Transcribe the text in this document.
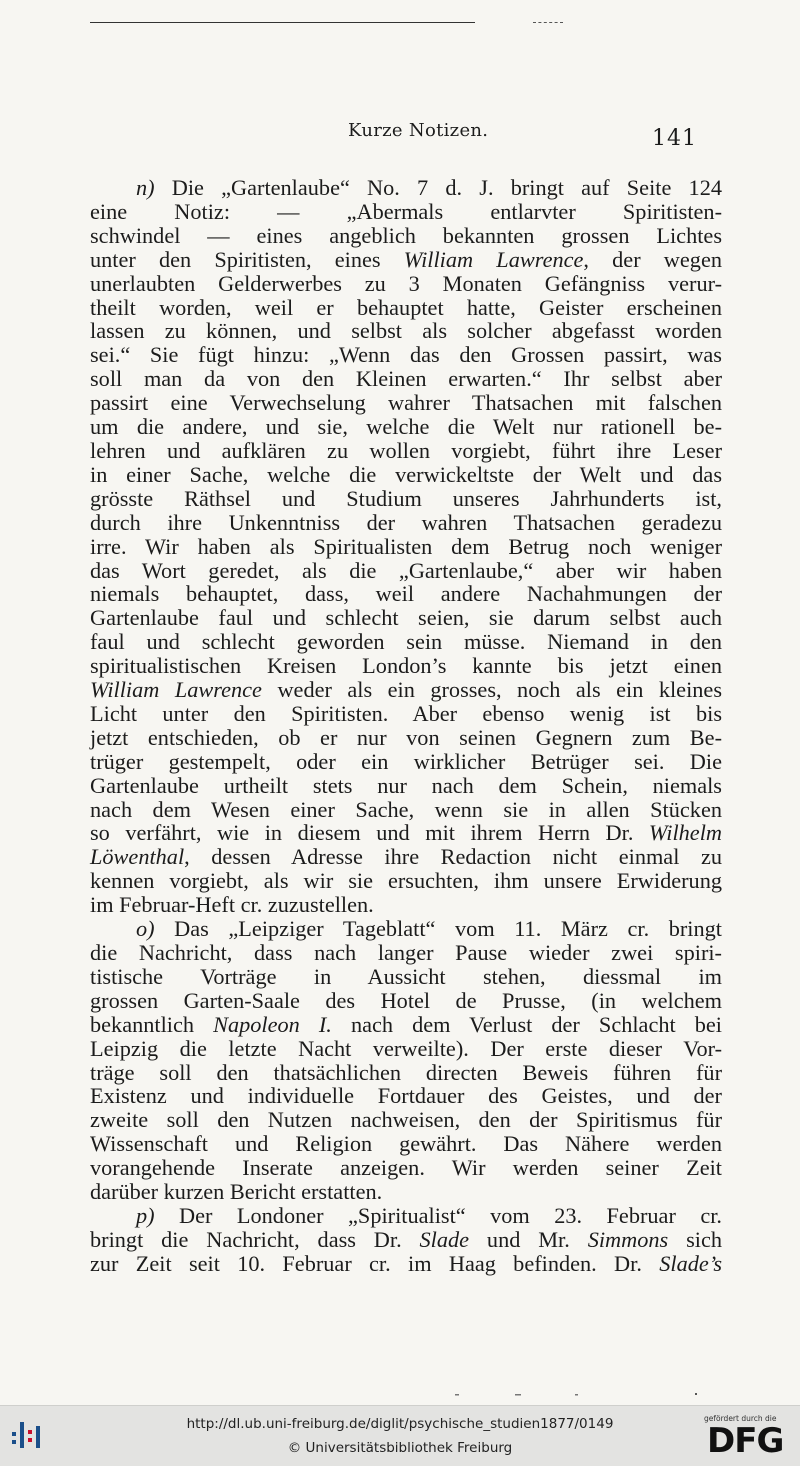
Kurze Notizen.	141
n) Die „Gartenlaube“ No. 7 d. J. bringt auf Seite 124
eine Notiz: — „Abermals entlarvter Spiritisten-
schwindel — eines angeblich bekannten grossen Lichtes
unter den Spiritisten, eines William Lawrence, der wegen
unerlaubten Gelderwerbes zu 3 Monaten Gefängniss verur-
theilt worden, weil er behauptet hatte, Geister erscheinen
lassen zu können, und selbst als solcher abgefasst worden
sei.“ Sie fügt hinzu: „Wenn das den Grossen passirt, was
soll man da von den Kleinen erwarten.“ Ihr selbst aber
passirt eine Verwechselung wahrer Thatsachen mit falschen
um die andere, und sie, welche die Welt nur rationell be-
lehren und aufklären zu wollen vorgiebt, führt ihre Leser
in einer Sache, welche die verwickeltste der Welt und das
grösste Räthsel und Studium unseres Jahrhunderts ist,
durch ihre Unkenntniss der wahren Thatsachen geradezu
irre. Wir haben als Spiritualisten dem Betrug noch weniger
das Wort geredet, als die „Gartenlaube,“ aber wir haben
niemals behauptet, dass, weil andere Nachahmungen der
Gartenlaube faul und schlecht seien, sie darum selbst auch
faul und schlecht geworden sein müsse. Niemand in den
spiritualistischen Kreisen London’s kannte bis jetzt einen
William Lawrence weder als ein grosses, noch als ein kleines
Licht unter den Spiritisten. Aber ebenso wenig ist bis
jetzt entschieden, ob er nur von seinen Gegnern zum Be-
trüger gestempelt, oder ein wirklicher Betrüger sei. Die
Gartenlaube urtheilt stets nur nach dem Schein, niemals
nach dem Wesen einer Sache, wenn sie in allen Stücken
so verfährt, wie in diesem und mit ihrem Herrn Dr. Wilhelm
Löwenthal, dessen Adresse ihre Redaction nicht einmal zu
kennen vorgiebt, als wir sie ersuchten, ihm unsere Erwiderung
im Februar-Heft cr. zuzustellen.
o) Das „Leipziger Tageblatt“ vom 11. März cr. bringt
die Nachricht, dass nach langer Pause wieder zwei spiri-
tistische Vorträge in Aussicht stehen, diessmal im
grossen Garten-Saale des Hotel de Prusse, (in welchem
bekanntlich Napoleon I. nach dem Verlust der Schlacht bei
Leipzig die letzte Nacht verweilte). Der erste dieser Vor-
träge soll den thatsächlichen directen Beweis führen für
Existenz und individuelle Fortdauer des Geistes, und der
zweite soll den Nutzen nachweisen, den der Spiritismus für
Wissenschaft und Religion gewährt. Das Nähere werden
vorangehende Inserate anzeigen. Wir werden seiner Zeit
darüber kurzen Bericht erstatten.
p) Der Londoner „Spiritualist“ vom 23. Februar cr.
bringt die Nachricht, dass Dr. Slade und Mr. Simmons sich
zur Zeit seit 10. Februar cr. im Haag befinden. Dr. Slade’s
http://dl.ub.uni-freiburg.de/diglit/psychische_studien1877/0149
© Universitätsbibliothek Freiburg
gefördert durch die
DFG
